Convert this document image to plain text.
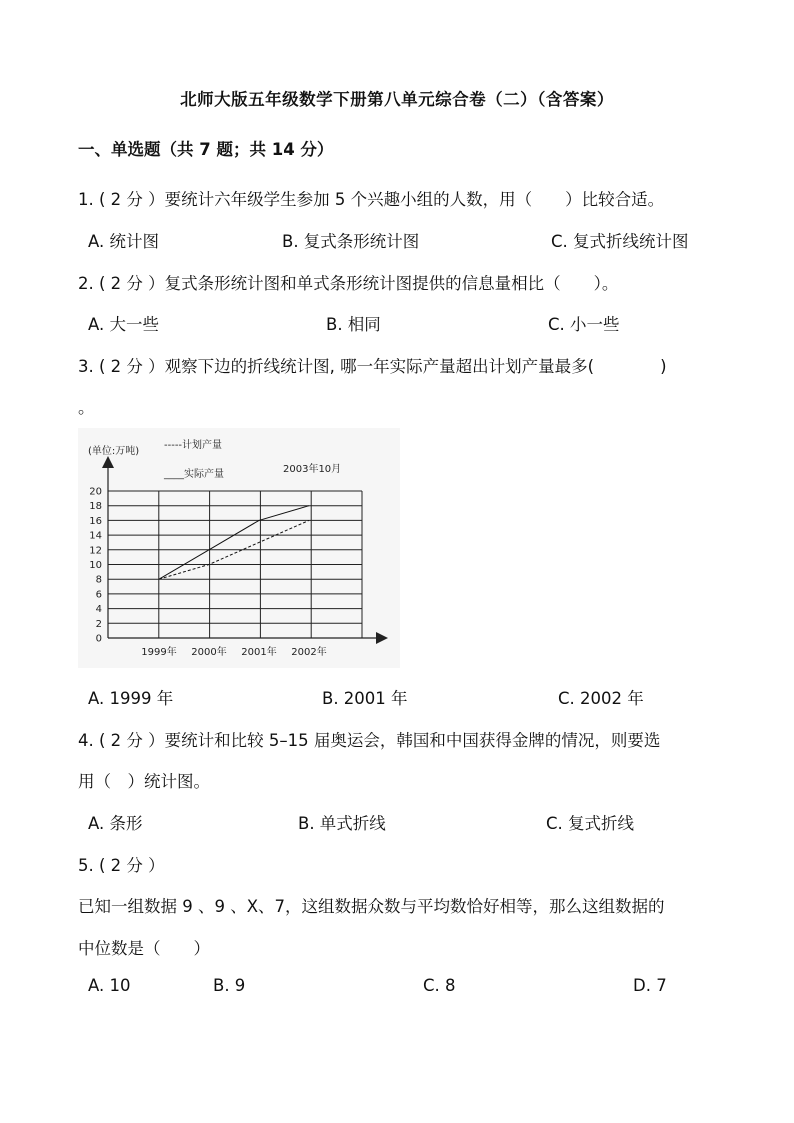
北师大版五年级数学下册第八单元综合卷（二）（含答案）
一、单选题（共 7 题；共 14 分）
1. ( 2 分 ）要统计六年级学生参加 5 个兴趣小组的人数，用（　　）比较合适。
A. 统计图	B. 复式条形统计图	C. 复式折线统计图
2. ( 2 分 ）复式条形统计图和单式条形统计图提供的信息量相比（　　）。
A. 大一些	B. 相同	C. 小一些
3. ( 2 分 ）观察下边的折线统计图, 哪一年实际产量超出计划产量最多(　　　　)
。
0
2
4
6
8
10
12
14
16
18
20
1999年 2000年 2001年 2002年
(单位:万吨)
2003年10月
-----计划产量
____实际产量
A. 1999 年	B. 2001 年	C. 2002 年
4. ( 2 分 ）要统计和比较 5–15 届奥运会，韩国和中国获得金牌的情况，则要选
用（　）统计图。
A. 条形	B. 单式折线	C. 复式折线
5. ( 2 分 ）
已知一组数据 9 、9 、X、7，这组数据众数与平均数恰好相等，那么这组数据的
中位数是（　　）
A. 10	B. 9	C. 8	D. 7
